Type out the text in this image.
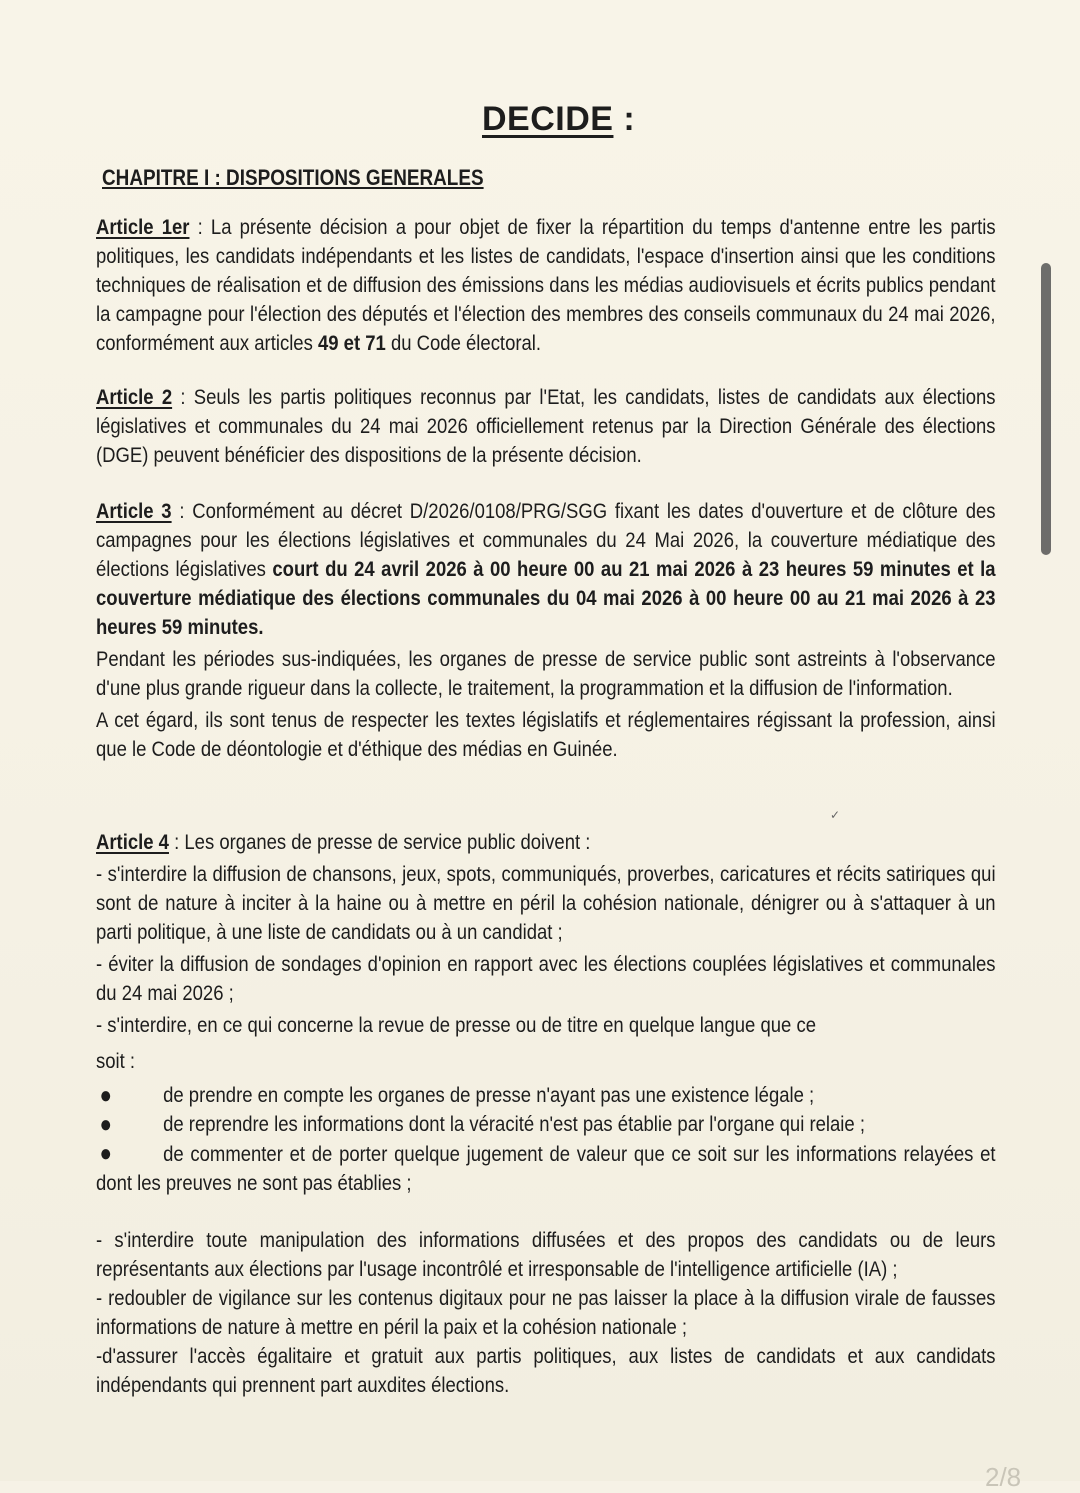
DECIDE :
CHAPITRE I : DISPOSITIONS GENERALES

Article 1er : La présente décision a pour objet de fixer la répartition du temps d'antenne entre les partis politiques, les candidats indépendants et les listes de candidats, l'espace d'insertion ainsi que les conditions techniques de réalisation et de diffusion des émissions dans les médias audiovisuels et écrits publics pendant la campagne pour l'élection des députés et l'élection des membres des conseils communaux du 24 mai 2026, conformément aux articles 49 et 71 du Code électoral.

Article 2 : Seuls les partis politiques reconnus par l'Etat, les candidats, listes de candidats aux élections législatives et communales du 24 mai 2026 officiellement retenus par la Direction Générale des élections (DGE) peuvent bénéficier des dispositions de la présente décision.

Article 3 : Conformément au décret D/2026/0108/PRG/SGG fixant les dates d'ouverture et de clôture des campagnes pour les élections législatives et communales du 24 Mai 2026, la couverture médiatique des élections législatives court du 24 avril 2026 à 00 heure 00 au 21 mai 2026 à 23 heures 59 minutes et la couverture médiatique des élections communales du 04 mai 2026 à 00 heure 00 au 21 mai 2026 à 23 heures 59 minutes.

Pendant les périodes sus-indiquées, les organes de presse de service public sont astreints à l'observance d'une plus grande rigueur dans la collecte, le traitement, la programmation et la diffusion de l'information.

A cet égard, ils sont tenus de respecter les textes législatifs et réglementaires régissant la profession, ainsi que le Code de déontologie et d'éthique des médias en Guinée.

✓

Article 4 : Les organes de presse de service public doivent :

- s'interdire la diffusion de chansons, jeux, spots, communiqués, proverbes, caricatures et récits satiriques qui sont de nature à inciter à la haine ou à mettre en péril la cohésion nationale, dénigrer ou à s'attaquer à un parti politique, à une liste de candidats ou à un candidat ;

- éviter la diffusion de sondages d'opinion en rapport avec les élections couplées législatives et communales du 24 mai 2026 ;

- s'interdire, en ce qui concerne la revue de presse ou de titre en quelque langue que ce

soit :

●	de prendre en compte les organes de presse n'ayant pas une existence légale ;
●	de reprendre les informations dont la véracité n'est pas établie par l'organe qui relaie ;

● de commenter et de porter quelque jugement de valeur que ce soit sur les informations relayées et dont les preuves ne sont pas établies ;

- s'interdire toute manipulation des informations diffusées et des propos des candidats ou de leurs représentants aux élections par l'usage incontrôlé et irresponsable de l'intelligence artificielle (IA) ;

- redoubler de vigilance sur les contenus digitaux pour ne pas laisser la place à la diffusion virale de fausses informations de nature à mettre en péril la paix et la cohésion nationale ;

-d'assurer l'accès égalitaire et gratuit aux partis politiques, aux listes de candidats et aux candidats indépendants qui prennent part auxdites élections.

2/8
